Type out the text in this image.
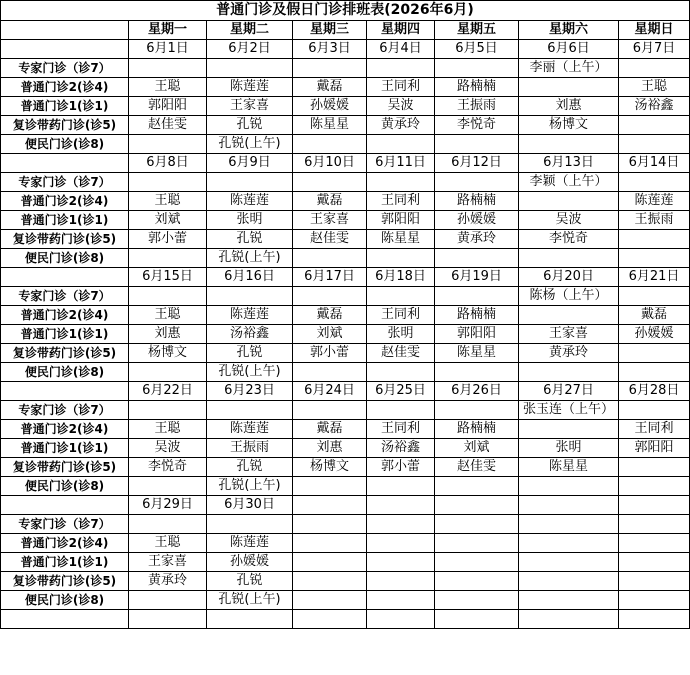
普通门诊及假日门诊排班表(2026年6月)							
	星期一	星期二	星期三	星期四	星期五	星期六	星期日
	6月1日	6月2日	6月3日	6月4日	6月5日	6月6日	6月7日
专家门诊（诊7）						李丽（上午）	
普通门诊2(诊4)	王聪	陈莲莲	戴磊	王同利	路楠楠		王聪
普通门诊1(诊1)	郭阳阳	王家喜	孙媛媛	吴波	王振雨	刘惠	汤裕鑫
复诊带药门诊(诊5)	赵佳雯	孔锐	陈星星	黄承玲	李悦奇	杨博文	
便民门诊(诊8)		孔锐(上午)					
	6月8日	6月9日	6月10日	6月11日	6月12日	6月13日	6月14日
专家门诊（诊7）						李颖（上午）	
普通门诊2(诊4)	王聪	陈莲莲	戴磊	王同利	路楠楠		陈莲莲
普通门诊1(诊1)	刘斌	张明	王家喜	郭阳阳	孙媛媛	吴波	王振雨
复诊带药门诊(诊5)	郭小蕾	孔锐	赵佳雯	陈星星	黄承玲	李悦奇	
便民门诊(诊8)		孔锐(上午)					
	6月15日	6月16日	6月17日	6月18日	6月19日	6月20日	6月21日
专家门诊（诊7）						陈杨（上午）	
普通门诊2(诊4)	王聪	陈莲莲	戴磊	王同利	路楠楠		戴磊
普通门诊1(诊1)	刘惠	汤裕鑫	刘斌	张明	郭阳阳	王家喜	孙媛媛
复诊带药门诊(诊5)	杨博文	孔锐	郭小蕾	赵佳雯	陈星星	黄承玲	
便民门诊(诊8)		孔锐(上午)					
	6月22日	6月23日	6月24日	6月25日	6月26日	6月27日	6月28日
专家门诊（诊7）						张玉连（上午）	
普通门诊2(诊4)	王聪	陈莲莲	戴磊	王同利	路楠楠		王同利
普通门诊1(诊1)	吴波	王振雨	刘惠	汤裕鑫	刘斌	张明	郭阳阳
复诊带药门诊(诊5)	李悦奇	孔锐	杨博文	郭小蕾	赵佳雯	陈星星	
便民门诊(诊8)		孔锐(上午)					
	6月29日	6月30日					
专家门诊（诊7）							
普通门诊2(诊4)	王聪	陈莲莲					
普通门诊1(诊1)	王家喜	孙媛媛					
复诊带药门诊(诊5)	黄承玲	孔锐					
便民门诊(诊8)		孔锐(上午)					
